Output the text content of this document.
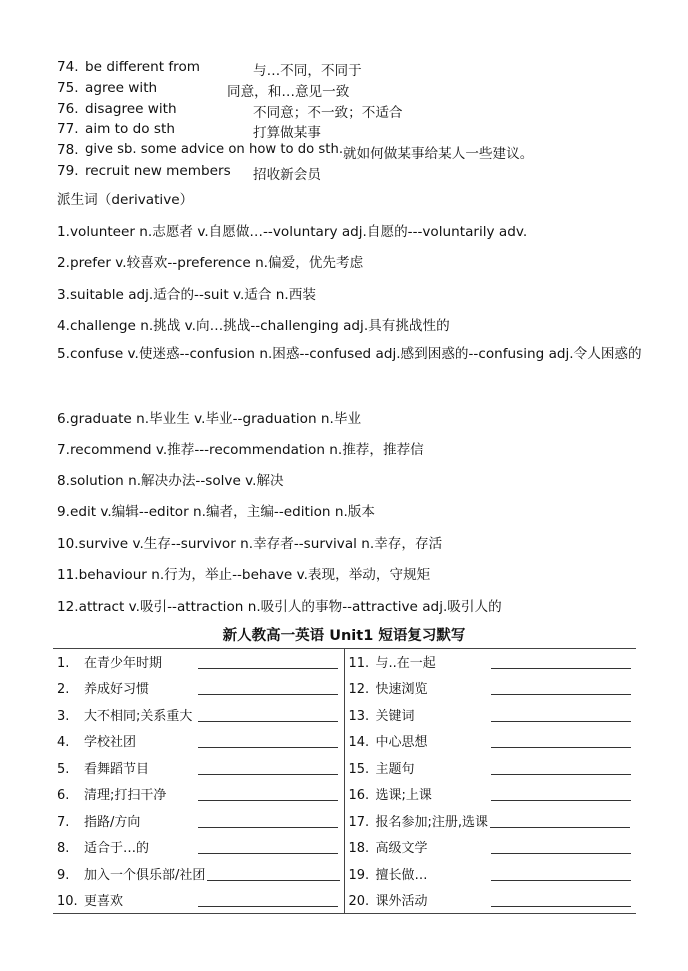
74. be different from	与…不同，不同于
75. agree with	同意，和…意见一致
76. disagree with	不同意；不一致；不适合
77. aim to do sth	打算做某事
78. give sb. some advice on how to do sth. 就如何做某事给某人一些建议。
79. recruit new members 招收新会员
派生词（derivative）
1.volunteer n.志愿者 v.自愿做…--voluntary adj.自愿的---voluntarily adv.
2.prefer v.较喜欢--preference n.偏爱，优先考虑
3.suitable adj.适合的--suit v.适合 n.西装
4.challenge n.挑战 v.向…挑战--challenging adj.具有挑战性的
5.confuse v.使迷惑--confusion n.困惑--confused adj.感到困惑的--confusing adj.令人困惑的
6.graduate n.毕业生 v.毕业--graduation n.毕业
7.recommend v.推荐---recommendation n.推荐，推荐信
8.solution n.解决办法--solve v.解决
9.edit v.编辑--editor n.编者，主编--edition n.版本
10.survive v.生存--survivor n.幸存者--survival n.幸存，存活
11.behaviour n.行为，举止--behave v.表现，举动，守规矩
12.attract v.吸引--attraction n.吸引人的事物--attractive adj.吸引人的
新人教高一英语 Unit1 短语复习默写
1. 在青少年时期	11. 与..在一起
2. 养成好习惯	12. 快速浏览
3. 大不相同;关系重大	13. 关键词
4. 学校社团	14. 中心思想
5. 看舞蹈节目	15. 主题句
6. 清理;打扫干净	16. 选课;上课
7. 指路/方向	17. 报名参加;注册,选课
8. 适合于…的	18. 高级文学
9. 加入一个俱乐部/社团	19. 擅长做…
10. 更喜欢	20. 课外活动
